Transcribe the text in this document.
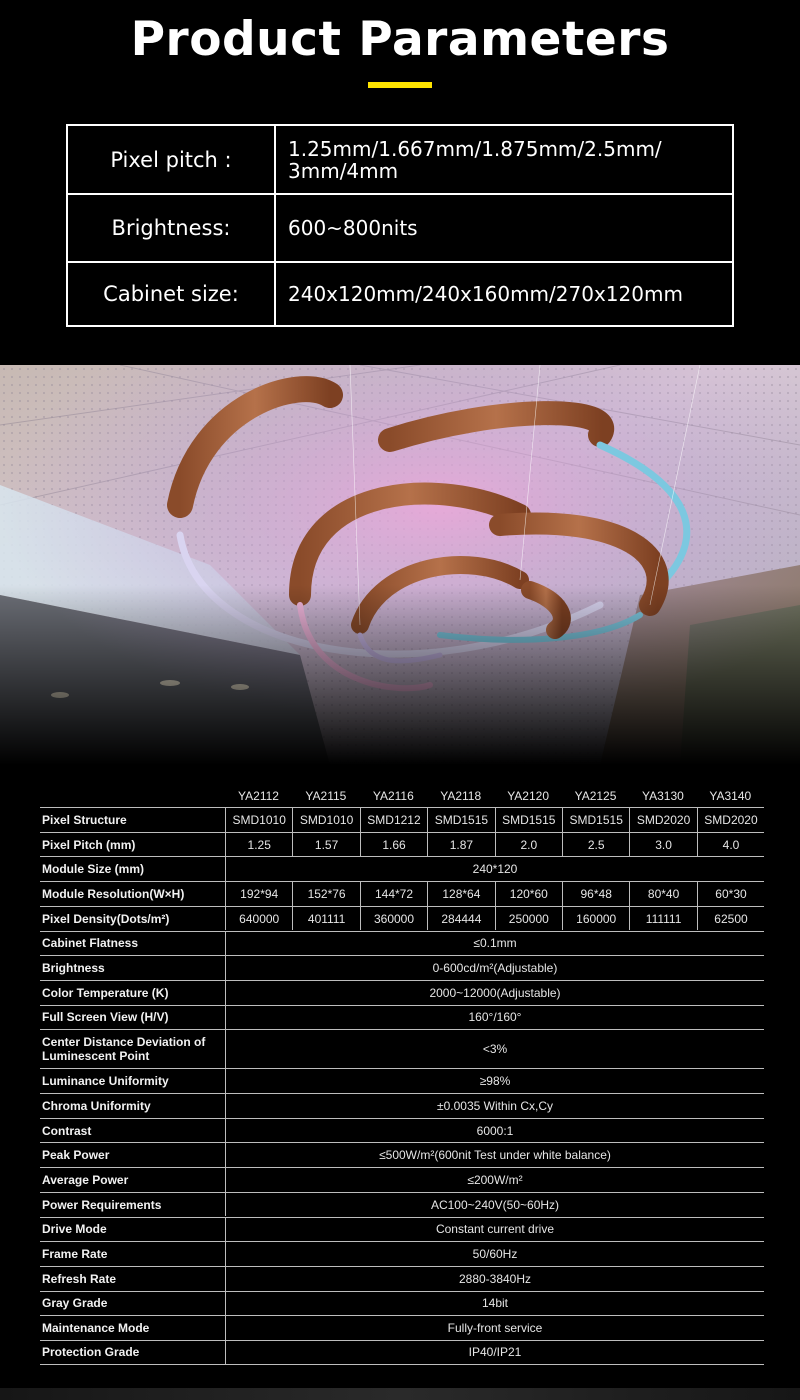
Product Parameters
Pixel pitch :	1.25mm/1.667mm/1.875mm/2.5mm/
3mm/4mm
Brightness:	600~800nits
Cabinet size:	240x120mm/240x160mm/270x120mm
YA2112	YA2115	YA2116	YA2118	YA2120	YA2125	YA3130	YA3140
Pixel Structure	SMD1010	SMD1010	SMD1212	SMD1515	SMD1515	SMD1515	SMD2020	SMD2020
Pixel Pitch (mm)	1.25	1.57	1.66	1.87	2.0	2.5	3.0	4.0
Module Size (mm)	240*120
Module Resolution(W×H)	192*94	152*76	144*72	128*64	120*60	96*48	80*40	60*30
Pixel Density(Dots/m²)	640000	401111	360000	284444	250000	160000	111111	62500
Cabinet Flatness	≤0.1mm
Brightness	0-600cd/m²(Adjustable)
Color Temperature (K)	2000~12000(Adjustable)
Full Screen View (H/V)	160°/160°
Center Distance Deviation of Luminescent Point	<3%
Luminance Uniformity	≥98%
Chroma Uniformity	±0.0035 Within Cx,Cy
Contrast	6000:1
Peak Power	≤500W/m²(600nit Test under white balance)
Average Power	≤200W/m²
Power Requirements	AC100~240V(50~60Hz)
Drive Mode	Constant current drive
Frame Rate	50/60Hz
Refresh Rate	2880-3840Hz
Gray Grade	14bit
Maintenance Mode	Fully-front service
Protection Grade	IP40/IP21
